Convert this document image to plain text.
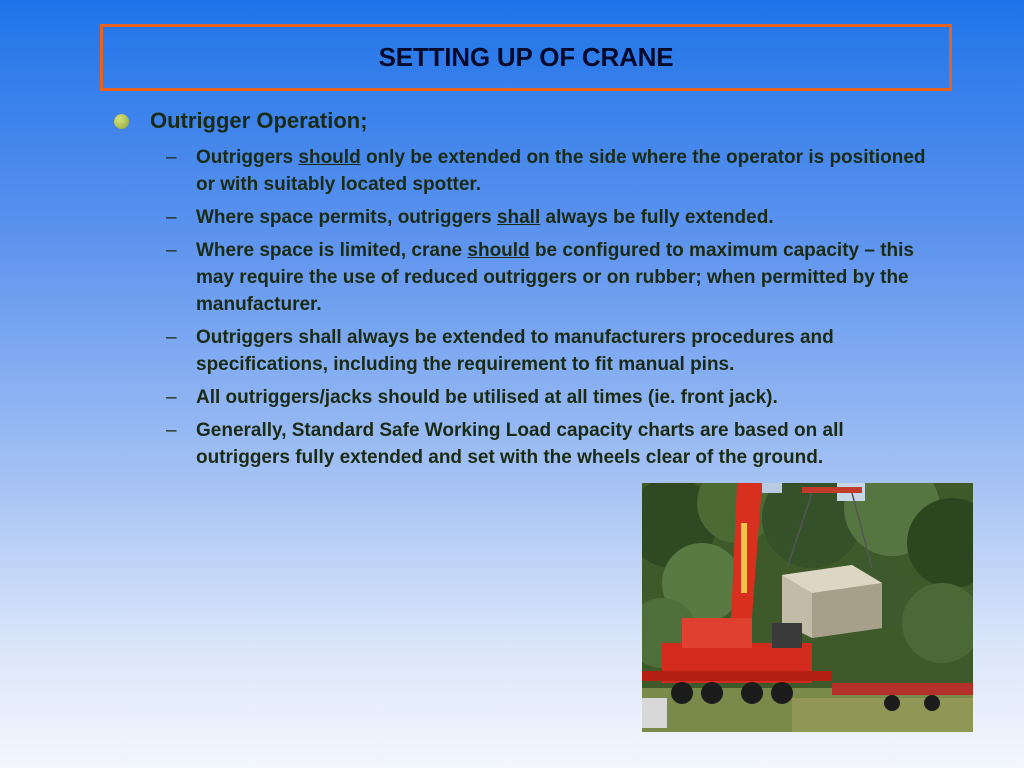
SETTING UP OF CRANE
Outrigger Operation;
– Outriggers should only be extended on the side where the operator is positioned or with suitably located spotter.
– Where space permits, outriggers shall always be fully extended.
– Where space is limited, crane should be configured to maximum capacity – this may require the use of reduced outriggers or on rubber; when permitted by the manufacturer.
– Outriggers shall always be extended to manufacturers procedures and specifications, including the requirement to fit manual pins.
– All outriggers/jacks should be utilised at all times (ie. front jack).
– Generally, Standard Safe Working Load capacity charts are based on all outriggers fully extended and set with the wheels clear of the ground.
